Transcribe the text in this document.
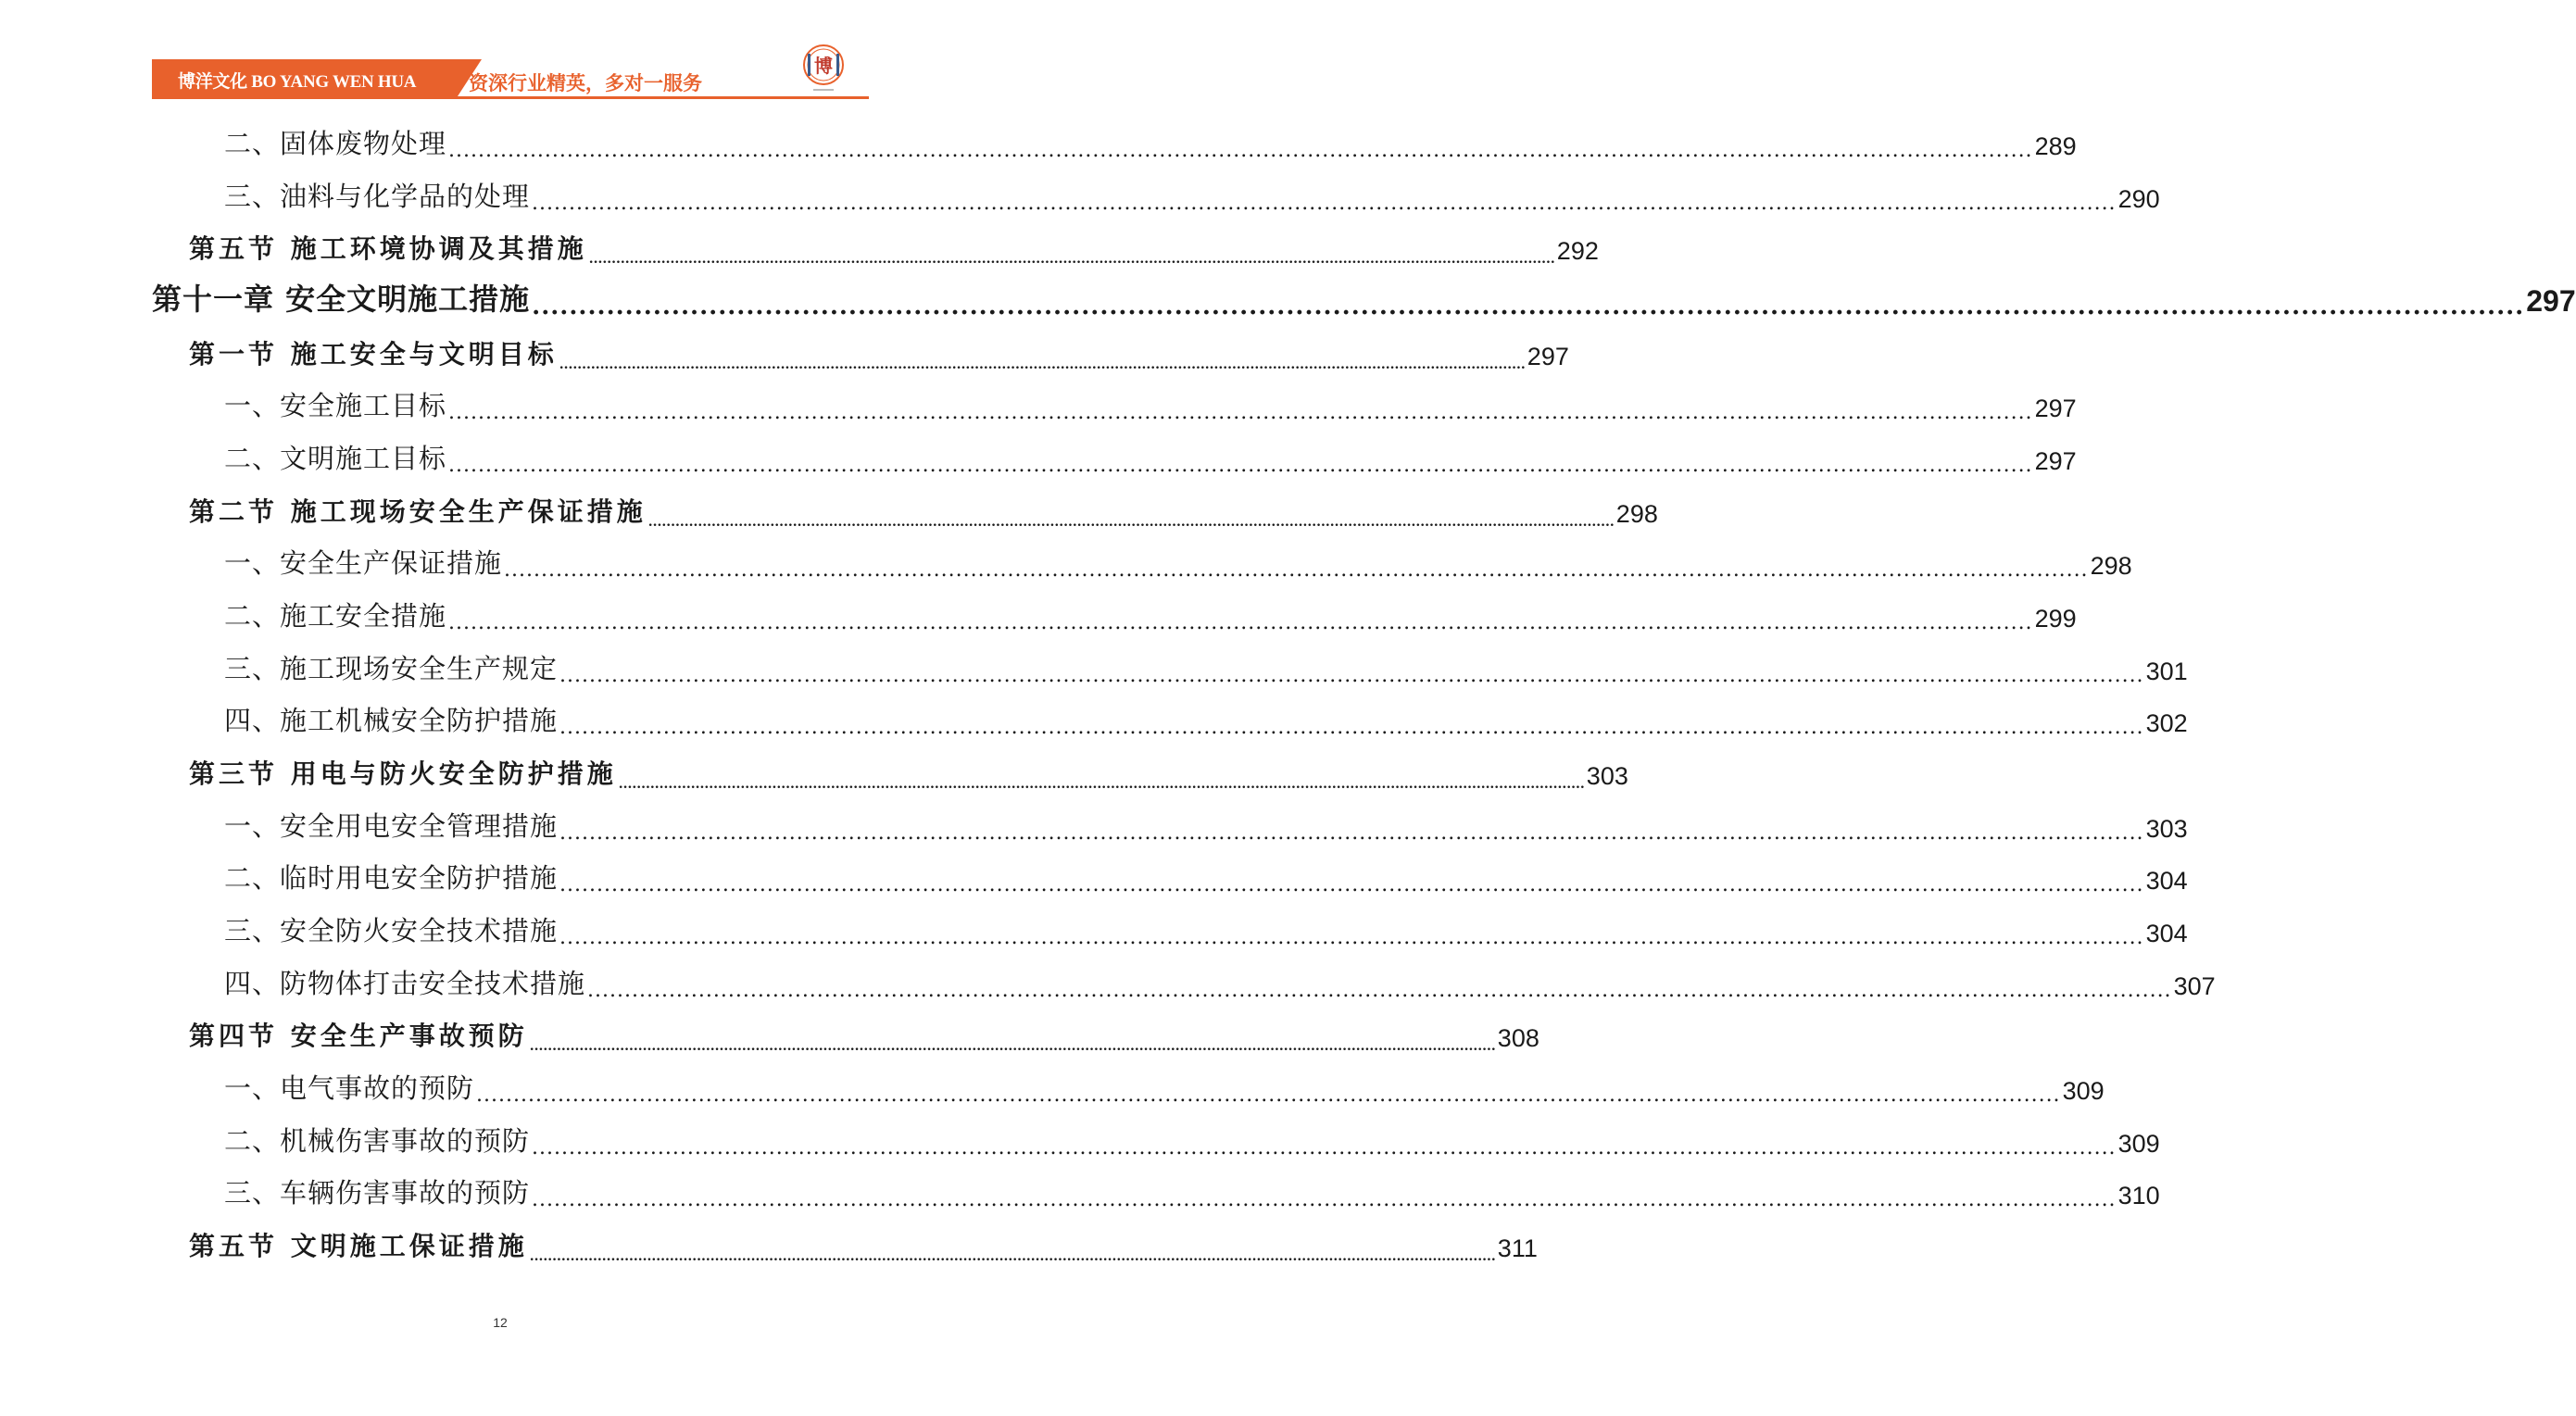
博洋文化 BO YANG WEN HUA	资深行业精英，多对一服务
博
二、固体废物处理 ...................................................................................................................................................................................................................... 289
三、油料与化学品的处理 ...................................................................................................................................................................................................................... 290
第五节 施工环境协调及其措施 ...................................................................................................................................................................................................................... 292
第十一章 安全文明施工措施 ...................................................................................................................................................................................................................... 297
第一节 施工安全与文明目标 ...................................................................................................................................................................................................................... 297
一、安全施工目标 ...................................................................................................................................................................................................................... 297
二、文明施工目标 ...................................................................................................................................................................................................................... 297
第二节 施工现场安全生产保证措施 ...................................................................................................................................................................................................................... 298
一、安全生产保证措施 ...................................................................................................................................................................................................................... 298
二、施工安全措施 ...................................................................................................................................................................................................................... 299
三、施工现场安全生产规定 ...................................................................................................................................................................................................................... 301
四、施工机械安全防护措施 ...................................................................................................................................................................................................................... 302
第三节 用电与防火安全防护措施 ...................................................................................................................................................................................................................... 303
一、安全用电安全管理措施 ...................................................................................................................................................................................................................... 303
二、临时用电安全防护措施 ...................................................................................................................................................................................................................... 304
三、安全防火安全技术措施 ...................................................................................................................................................................................................................... 304
四、防物体打击安全技术措施 ...................................................................................................................................................................................................................... 307
第四节 安全生产事故预防 ...................................................................................................................................................................................................................... 308
一、电气事故的预防 ...................................................................................................................................................................................................................... 309
二、机械伤害事故的预防 ...................................................................................................................................................................................................................... 309
三、车辆伤害事故的预防 ...................................................................................................................................................................................................................... 310
第五节 文明施工保证措施 ...................................................................................................................................................................................................................... 311
12
